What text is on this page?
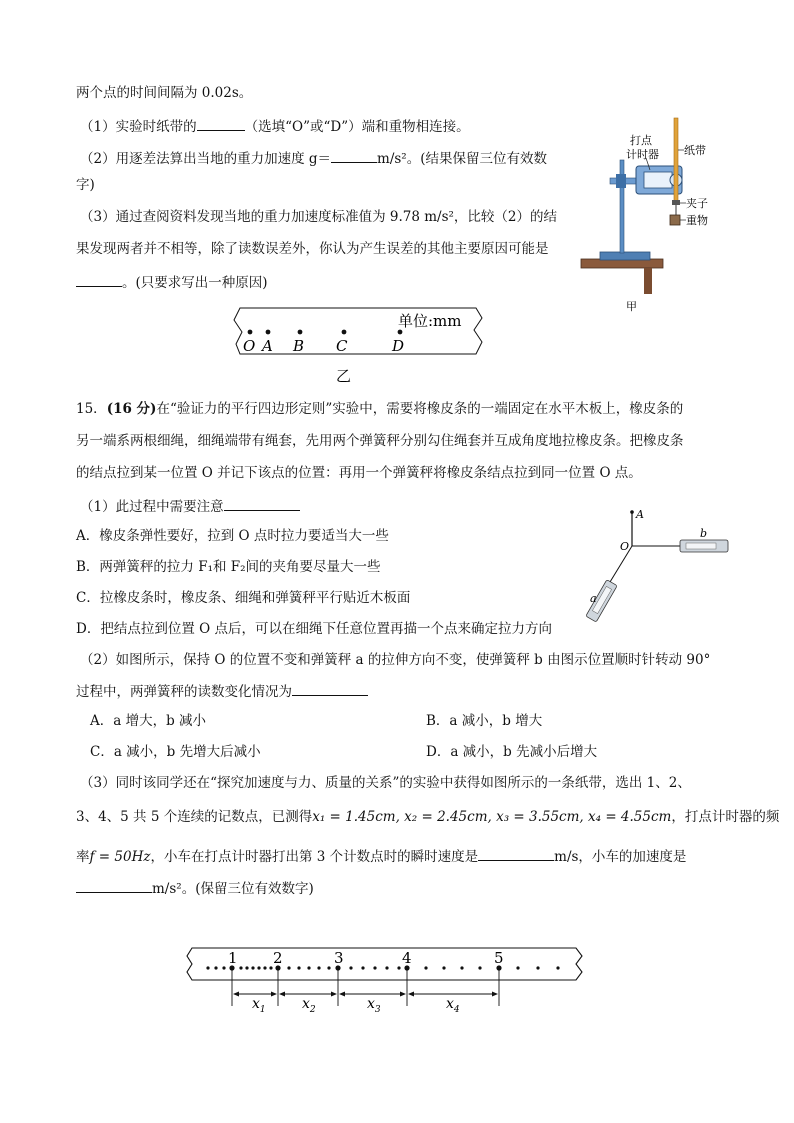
两个点的时间间隔为 0.02s。
（1）实验时纸带的	（选填“O”或“D”）端和重物相连接。
（2）用逐差法算出当地的重力加速度 g＝	m/s²。(结果保留三位有效数
字)
（3）通过查阅资料发现当地的重力加速度标准值为 9.78 m/s²，比较（2）的结
果发现两者并不相等，除了读数误差外，你认为产生误差的其他主要原因可能是
。(只要求写出一种原因)
打点
计时器 纸带
夹子
重物
甲
单位:mm
O A B C	D
乙
15．(16 分)在“验证力的平行四边形定则”实验中，需要将橡皮条的一端固定在水平木板上，橡皮条的
另一端系两根细绳，细绳端带有绳套，先用两个弹簧秤分别勾住绳套并互成角度地拉橡皮条。把橡皮条
的结点拉到某一位置 O 并记下该点的位置：再用一个弹簧秤将橡皮条结点拉到同一位置 O 点。
（1）此过程中需要注意
A．橡皮条弹性要好，拉到 O 点时拉力要适当大一些
B．两弹簧秤的拉力 F₁和 F₂间的夹角要尽量大一些
C．拉橡皮条时，橡皮条、细绳和弹簧秤平行贴近木板面
D．把结点拉到位置 O 点后，可以在细绳下任意位置再描一个点来确定拉力方向
A
O
b
a
（2）如图所示，保持 O 的位置不变和弹簧秤 a 的拉伸方向不变，使弹簧秤 b 由图示位置顺时针转动 90°
过程中，两弹簧秤的读数变化情况为
A．a 增大，b 减小	B．a 减小，b 增大
C．a 减小，b 先增大后减小	D．a 减小，b 先减小后增大
（3）同时该同学还在“探究加速度与力、质量的关系”的实验中获得如图所示的一条纸带，选出 1、2、
3、4、5 共 5 个连续的记数点，已测得x₁ = 1.45cm, x₂ = 2.45cm, x₃ = 3.55cm, x₄ = 4.55cm，打点计时器的频
率f = 50Hz，小车在打点计时器打出第 3 个计数点时的瞬时速度是	m/s，小车的加速度是
m/s²。(保留三位有效数字)
1 2	3	4	5
$x_1$	$x_2$	$x_3$	$x_4$
